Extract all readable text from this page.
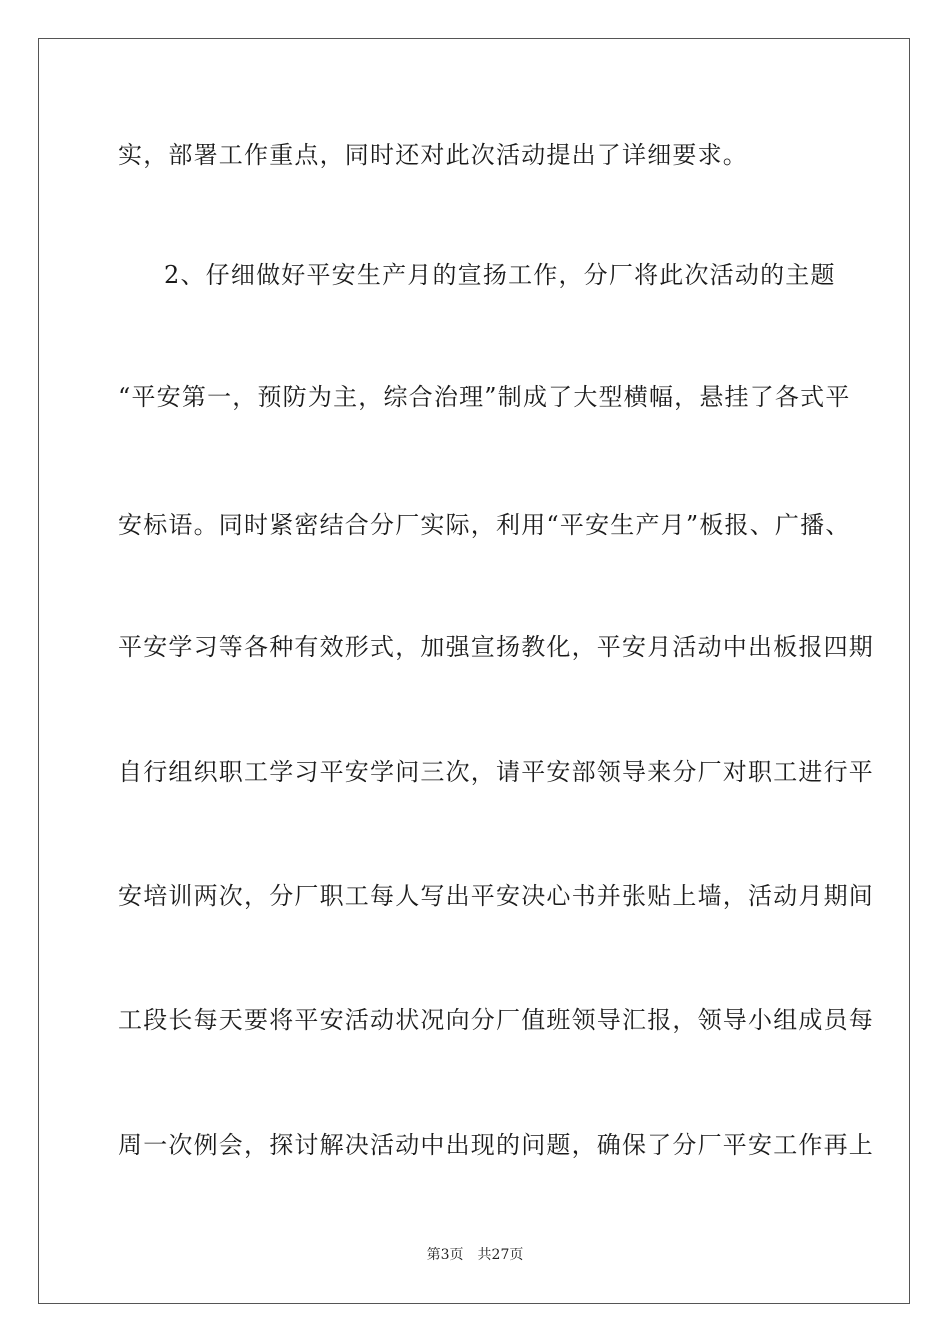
实，部署工作重点，同时还对此次活动提出了详细要求。
2、仔细做好平安生产月的宣扬工作，分厂将此次活动的主题
“平安第一，预防为主，综合治理”制成了大型横幅，悬挂了各式平
安标语。同时紧密结合分厂实际，利用“平安生产月”板报、广播、
平安学习等各种有效形式，加强宣扬教化，平安月活动中出板报四期
自行组织职工学习平安学问三次，请平安部领导来分厂对职工进行平
安培训两次，分厂职工每人写出平安决心书并张贴上墙，活动月期间
工段长每天要将平安活动状况向分厂值班领导汇报，领导小组成员每
周一次例会，探讨解决活动中出现的问题，确保了分厂平安工作再上
第3页 共27页
